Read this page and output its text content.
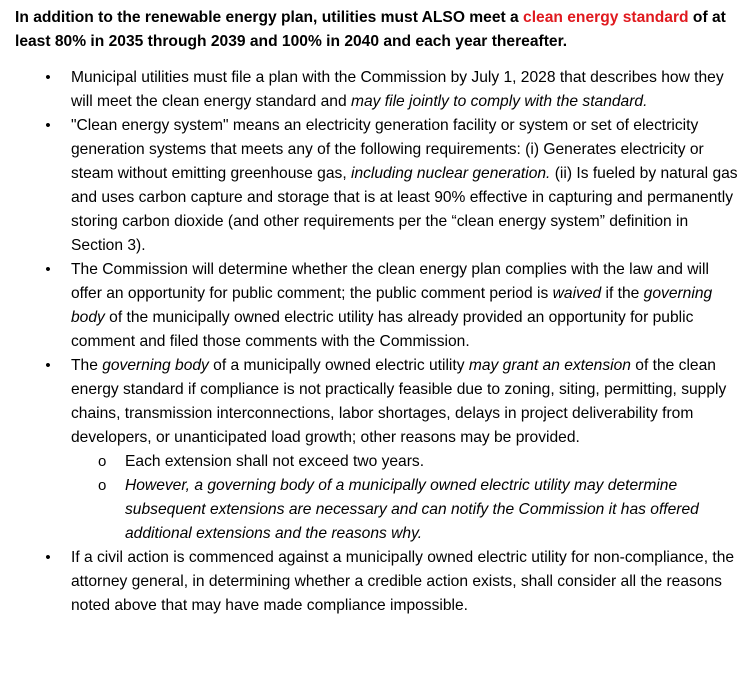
In addition to the renewable energy plan, utilities must ALSO meet a clean energy standard of at least 80% in 2035 through 2039 and 100% in 2040 and each year thereafter.

• Municipal utilities must file a plan with the Commission by July 1, 2028 that describes how they will meet the clean energy standard and may file jointly to comply with the standard.
• "Clean energy system" means an electricity generation facility or system or set of electricity generation systems that meets any of the following requirements: (i) Generates electricity or steam without emitting greenhouse gas, including nuclear generation. (ii) Is fueled by natural gas and uses carbon capture and storage that is at least 90% effective in capturing and permanently storing carbon dioxide (and other requirements per the “clean energy system” definition in Section 3).
• The Commission will determine whether the clean energy plan complies with the law and will offer an opportunity for public comment; the public comment period is waived if the governing body of the municipally owned electric utility has already provided an opportunity for public comment and filed those comments with the Commission.
• The governing body of a municipally owned electric utility may grant an extension of the clean energy standard if compliance is not practically feasible due to zoning, siting, permitting, supply chains, transmission interconnections, labor shortages, delays in project deliverability from developers, or unanticipated load growth; other reasons may be provided.
o Each extension shall not exceed two years.
o However, a governing body of a municipally owned electric utility may determine subsequent extensions are necessary and can notify the Commission it has offered additional extensions and the reasons why.
• If a civil action is commenced against a municipally owned electric utility for non-compliance, the attorney general, in determining whether a credible action exists, shall consider all the reasons noted above that may have made compliance impossible.
